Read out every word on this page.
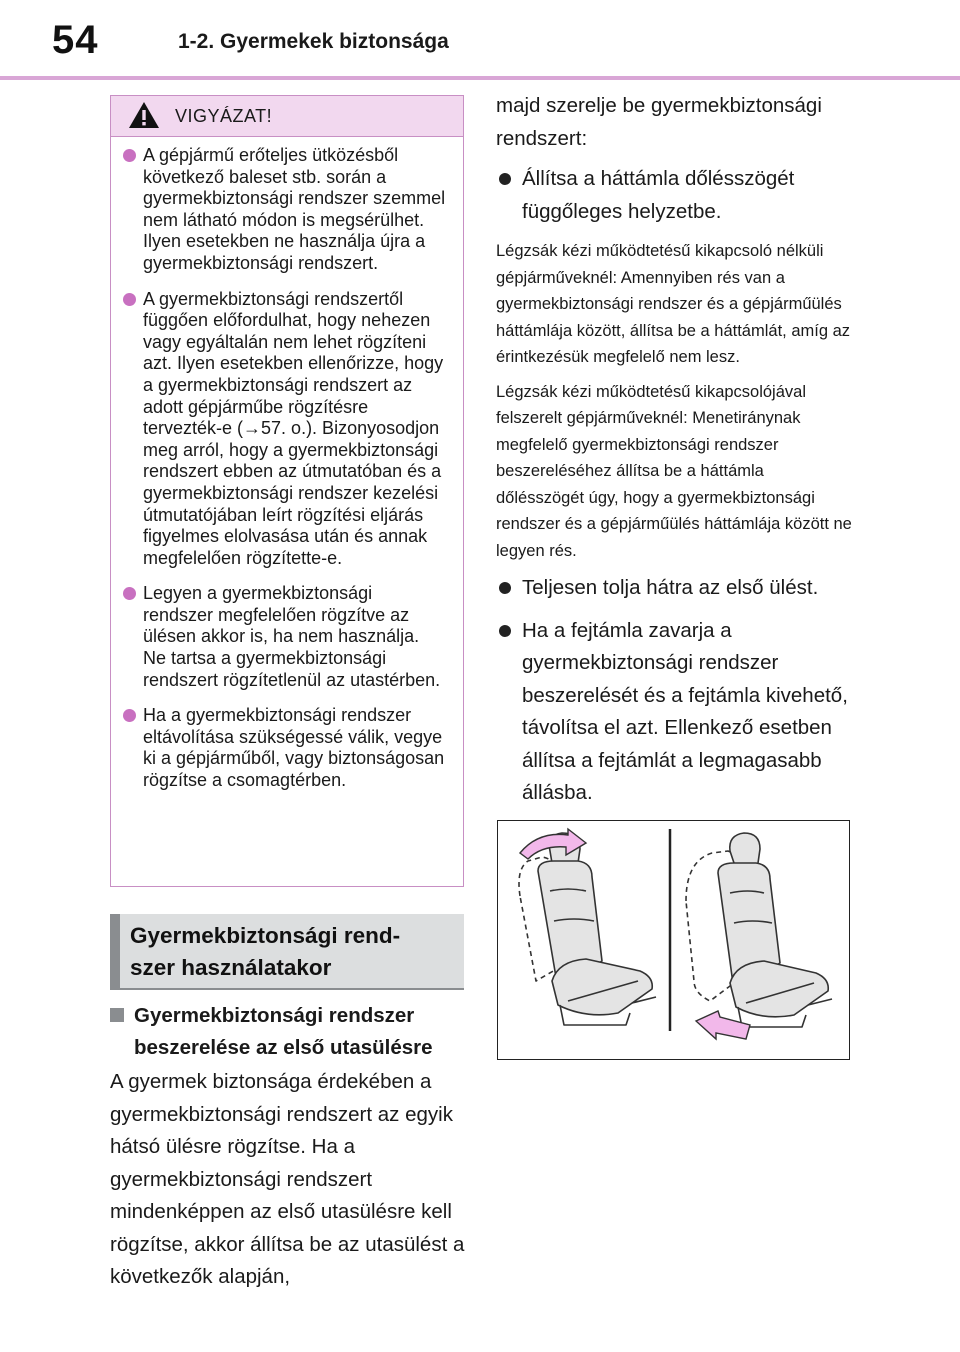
54	1-2. Gyermekek biztonsága
VIGYÁZAT!
A gépjármű erőteljes ütközésből következő baleset stb. során a gyermekbiztonsági rendszer szemmel nem látható módon is megsérülhet. Ilyen esetekben ne használja újra a gyermekbiztonsági rendszert.
A gyermekbiztonsági rendszertől függően előfordulhat, hogy nehezen vagy egyáltalán nem lehet rögzíteni azt. Ilyen esetekben ellenőrizze, hogy a gyermekbiztonsági rendszert az adott gépjárműbe rögzítésre tervezték-e (→57. o.). Bizonyosodjon meg arról, hogy a gyermekbiztonsági rendszert ebben az útmutatóban és a gyermekbiztonsági rendszer kezelési útmutatójában leírt rögzítési eljárás figyelmes elolvasása után és annak megfelelően rögzítette-e.
Legyen a gyermekbiztonsági rendszer megfelelően rögzítve az ülésen akkor is, ha nem használja. Ne tartsa a gyermekbiztonsági rendszert rögzítetlenül az utastérben.
Ha a gyermekbiztonsági rendszer eltávolítása szükségessé válik, vegye ki a gépjárműből, vagy biztonságosan rögzítse a csomagtérben.
Gyermekbiztonsági rend-
szer használatakor
Gyermekbiztonsági rendszer
beszerelése az első utasülésre
A gyermek biztonsága érdekében a gyermekbiztonsági rendszert az egyik hátsó ülésre rögzítse. Ha a gyermekbiztonsági rendszert mindenképpen az első utasülésre kell rögzítse, akkor állítsa be az utasülést a következők alapján,

majd szerelje be gyermekbiztonsági rendszert:

Állítsa a háttámla dőlésszögét függőleges helyzetbe.

Légzsák kézi működtetésű kikapcsoló nélküli gépjárműveknél: Amennyiben rés van a gyermekbiztonsági rendszer és a gépjárműülés háttámlája között, állítsa be a háttámlát, amíg az érintkezésük megfelelő nem lesz.

Légzsák kézi működtetésű kikapcsolójával felszerelt gépjárműveknél: Menetiránynak megfelelő gyermekbiztonsági rendszer beszereléséhez állítsa be a háttámla dőlésszögét úgy, hogy a gyermekbiztonsági rendszer és a gépjárműülés háttámlája között ne legyen rés.

Teljesen tolja hátra az első ülést.
Ha a fejtámla zavarja a gyermekbiztonsági rendszer beszerelését és a fejtámla kivehető, távolítsa el azt. Ellenkező esetben állítsa a fejtámlát a legmagasabb állásba.
